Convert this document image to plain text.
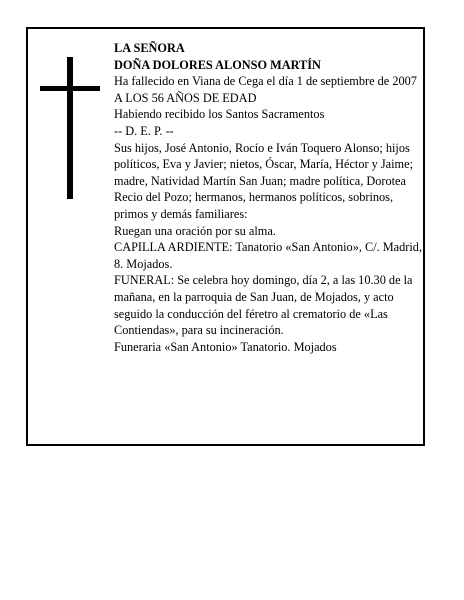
LA SEÑORA

DOÑA DOLORES ALONSO MARTÍN

Ha fallecido en Viana de Cega el día 1 de septiembre de 2007

A LOS 56 AÑOS DE EDAD

Habiendo recibido los Santos Sacramentos

-- D. E. P. --

Sus hijos, José Antonio, Rocío e Iván Toquero Alonso; hijos políticos, Eva y Javier; nietos, Óscar, María, Héctor y Jaime; madre, Natividad Martín San Juan; madre política, Dorotea Recio del Pozo; hermanos, hermanos políticos, sobrinos, primos y demás familiares:

Ruegan una oración por su alma.

CAPILLA ARDIENTE: Tanatorio «San Antonio», C/. Madrid, 8. Mojados.

FUNERAL: Se celebra hoy domingo, día 2, a las 10.30 de la mañana, en la parroquia de San Juan, de Mojados, y acto seguido la conducción del féretro al crematorio de «Las Contiendas», para su incineración.

Funeraria «San Antonio» Tanatorio. Mojados
